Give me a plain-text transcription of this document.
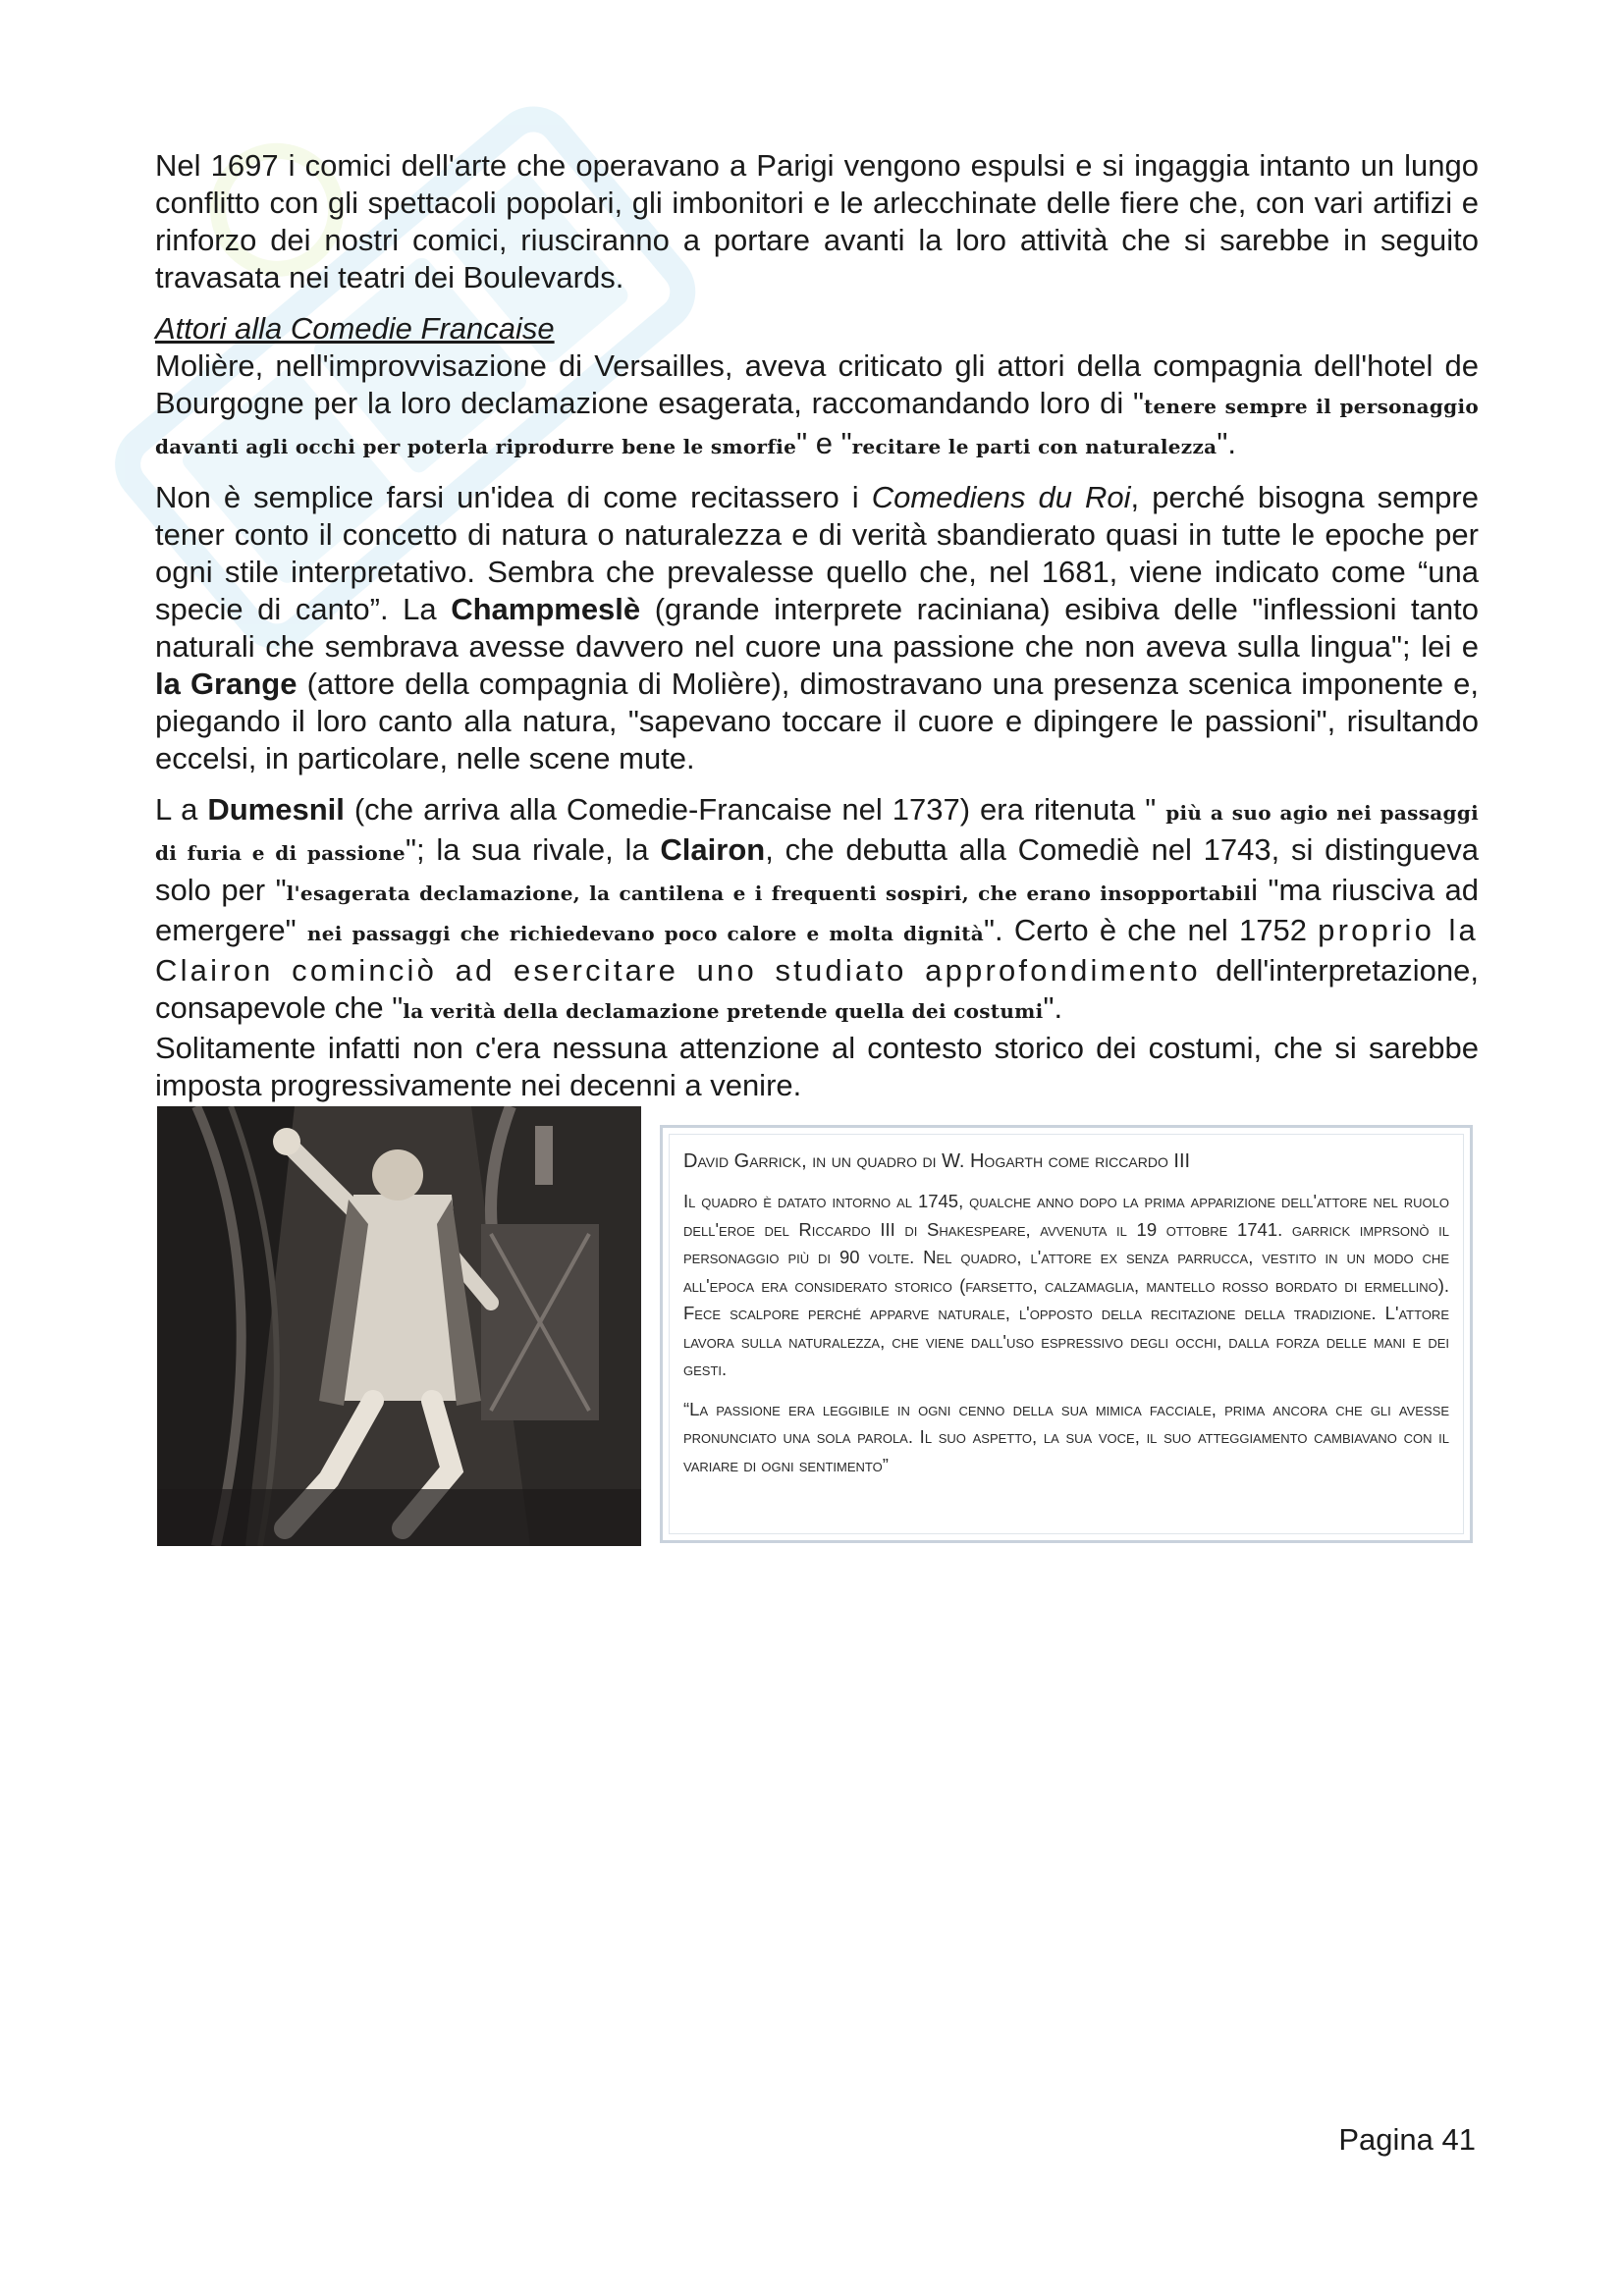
Nel 1697 i comici dell'arte che operavano a Parigi vengono espulsi e si ingaggia intanto un lungo conflitto con gli spettacoli popolari, gli imbonitori e le arlecchinate delle fiere che, con vari artifizi e rinforzo dei nostri comici, riusciranno a portare avanti la loro attività che si sarebbe in seguito travasata nei teatri dei Boulevards.

Attori alla Comedie Francaise

Molière, nell'improvvisazione di Versailles, aveva criticato gli attori della compagnia dell'hotel de Bourgogne per la loro declamazione esagerata, raccomandando loro di "tenere sempre il personaggio davanti agli occhi per poterla riprodurre bene le smorfie" e "recitare le parti con naturalezza".

Non è semplice farsi un'idea di come recitassero i Comediens du Roi, perché bisogna sempre tener conto il concetto di natura o naturalezza e di verità sbandierato quasi in tutte le epoche per ogni stile interpretativo. Sembra che prevalesse quello che, nel 1681, viene indicato come “una specie di canto”. La Champmeslè (grande interprete raciniana) esibiva delle "inflessioni tanto naturali che sembrava avesse davvero nel cuore una passione che non aveva sulla lingua"; lei e la Grange (attore della compagnia di Molière), dimostravano una presenza scenica imponente e, piegando il loro canto alla natura, "sapevano toccare il cuore e dipingere le passioni", risultando eccelsi, in particolare, nelle scene mute.

L a Dumesnil (che arriva alla Comedie-Francaise nel 1737) era ritenuta " più a suo agio nei passaggi di furia e di passione"; la sua rivale, la Clairon, che debutta alla Comediè nel 1743, si distingueva solo per "l'esagerata declamazione, la cantilena e i frequenti sospiri, che erano insopportabili "ma riusciva ad emergere" nei passaggi che richiedevano poco calore e molta dignità". Certo è che nel 1752 proprio la Clairon cominciò ad esercitare uno studiato approfondimento dell'interpretazione, consapevole che "la verità della declamazione pretende quella dei costumi".

Solitamente infatti non c'era nessuna attenzione al contesto storico dei costumi, che si sarebbe imposta progressivamente nei decenni a venire.

David Garrick, in un quadro di W. Hogarth come riccardo III

Il quadro è datato intorno al 1745, qualche anno dopo la prima apparizione dell'attore nel ruolo dell'eroe del Riccardo III di Shakespeare, avvenuta il 19 ottobre 1741. garrick imprsonò il personaggio più di 90 volte. Nel quadro, l'attore ex senza parrucca, vestito in un modo che all'epoca era considerato storico (farsetto, calzamaglia, mantello rosso bordato di ermellino). Fece scalpore perché apparve naturale, l'opposto della recitazione della tradizione. L'attore lavora sulla naturalezza, che viene dall'uso espressivo degli occhi, dalla forza delle mani e dei gesti.

“La passione era leggibile in ogni cenno della sua mimica facciale, prima ancora che gli avesse pronunciato una sola parola. Il suo aspetto, la sua voce, il suo atteggiamento cambiavano con il variare di ogni sentimento”

Pagina 41
